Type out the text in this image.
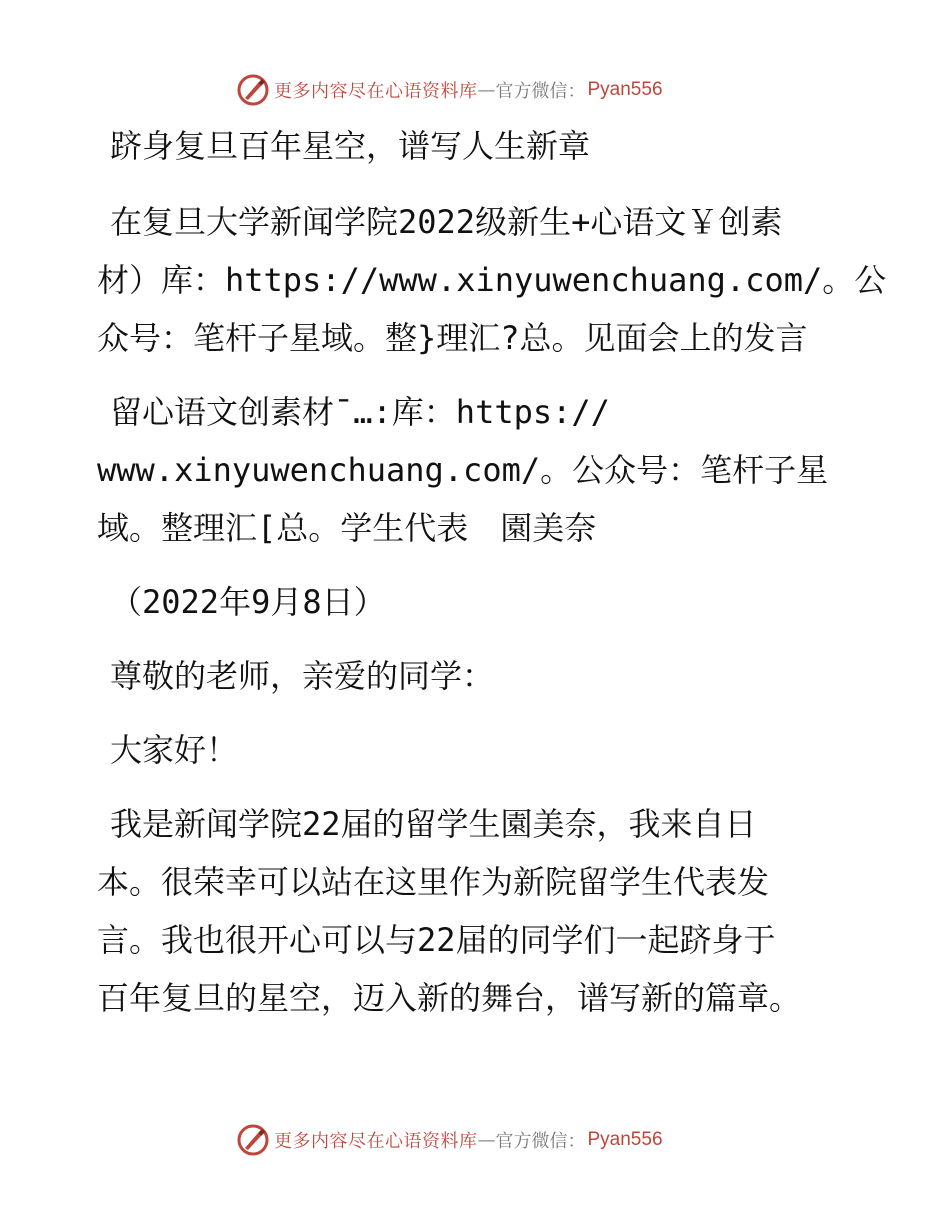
更多内容尽在心语资料库 — 官方微信： Pyan556
跻身复旦百年星空，谱写人生新章
在复旦大学新闻学院2022级新生+心语文￥创素
材）库：https://www.xinyuwenchuang.com/。公
众号：笔杆子星域。整}理汇?总。见面会上的发言
留心语文创素材¯…:库：https://
www.xinyuwenchuang.com/。公众号：笔杆子星
域。整理汇[总。学生代表　園美奈
（2022年9月8日）
尊敬的老师，亲爱的同学：
大家好！
我是新闻学院22届的留学生園美奈，我来自日
本。很荣幸可以站在这里作为新院留学生代表发
言。我也很开心可以与22届的同学们一起跻身于
百年复旦的星空，迈入新的舞台，谱写新的篇章。
更多内容尽在心语资料库 — 官方微信： Pyan556
